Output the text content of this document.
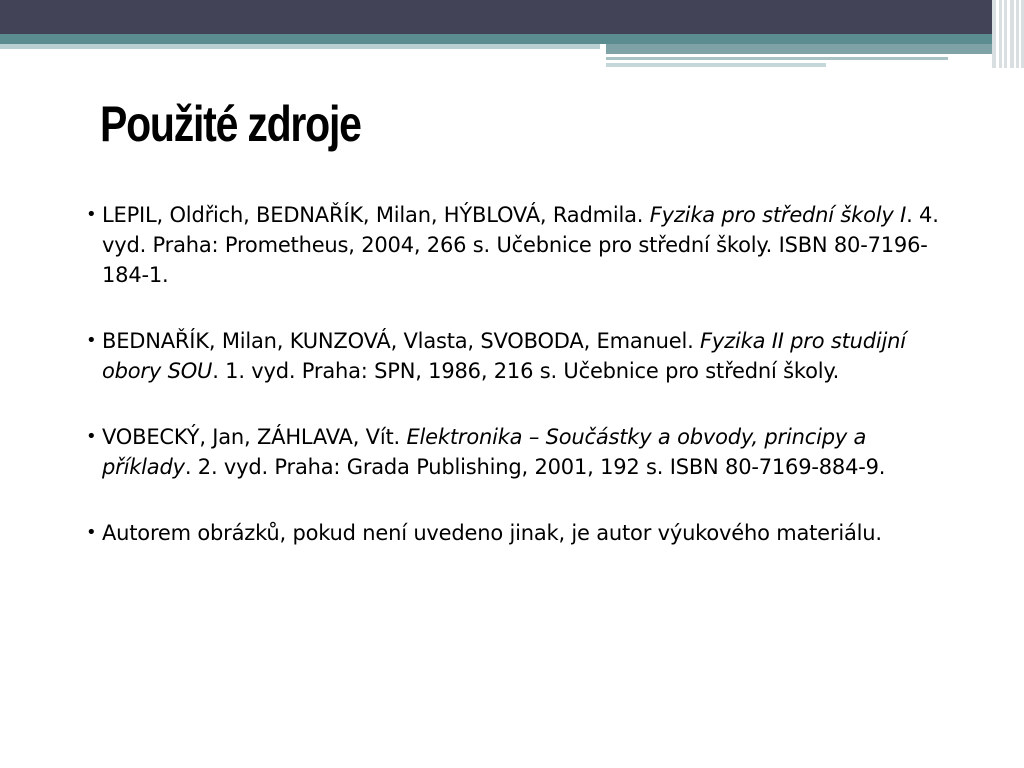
Použité zdroje
• LEPIL, Oldřich, BEDNAŘÍK, Milan, HÝBLOVÁ, Radmila. Fyzika pro střední školy I. 4. vyd. Praha: Prometheus, 2004, 266 s. Učebnice pro střední školy. ISBN 80-7196-184-1.
• BEDNAŘÍK, Milan, KUNZOVÁ, Vlasta, SVOBODA, Emanuel. Fyzika II pro studijní obory SOU. 1. vyd. Praha: SPN, 1986, 216 s. Učebnice pro střední školy.
• VOBECKÝ, Jan, ZÁHLAVA, Vít. Elektronika – Součástky a obvody, principy a příklady. 2. vyd. Praha: Grada Publishing, 2001, 192 s. ISBN 80-7169-884-9.
• Autorem obrázků, pokud není uvedeno jinak, je autor výukového materiálu.
